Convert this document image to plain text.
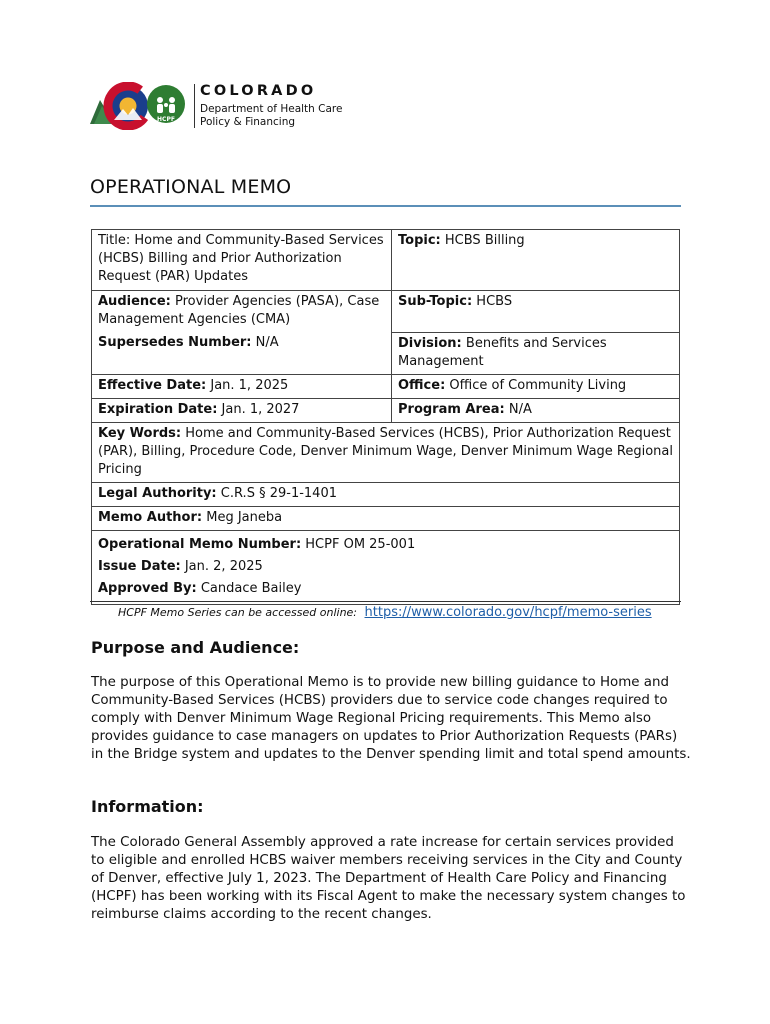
HCPF
COLORADO
Department of Health Care
Policy & Financing
OPERATIONAL MEMO
Title: Home and Community-Based Services (HCBS) Billing and Prior Authorization Request (PAR) Updates	Topic: HCBS Billing
Audience: Provider Agencies (PASA), Case Management Agencies (CMA)	Sub-Topic: HCBS
Supersedes Number: N/A	Division: Benefits and Services Management
Effective Date: Jan. 1, 2025	Office: Office of Community Living
Expiration Date: Jan. 1, 2027	Program Area: N/A
Key Words: Home and Community-Based Services (HCBS), Prior Authorization Request (PAR), Billing, Procedure Code, Denver Minimum Wage, Denver Minimum Wage Regional Pricing	
Legal Authority: C.R.S § 29-1-1401	
Memo Author: Meg Janeba	

Operational Memo Number: HCPF OM 25-001
Issue Date: Jan. 2, 2025
Approved By: Candace Bailey	
HCPF Memo Series can be accessed online: https://www.colorado.gov/hcpf/memo-series
Purpose and Audience:

The purpose of this Operational Memo is to provide new billing guidance to Home and Community-Based Services (HCBS) providers due to service code changes required to comply with Denver Minimum Wage Regional Pricing requirements. This Memo also provides guidance to case managers on updates to Prior Authorization Requests (PARs) in the Bridge system and updates to the Denver spending limit and total spend amounts.

Information:

The Colorado General Assembly approved a rate increase for certain services provided to eligible and enrolled HCBS waiver members receiving services in the City and County of Denver, effective July 1, 2023. The Department of Health Care Policy and Financing (HCPF) has been working with its Fiscal Agent to make the necessary system changes to reimburse claims according to the recent changes.
